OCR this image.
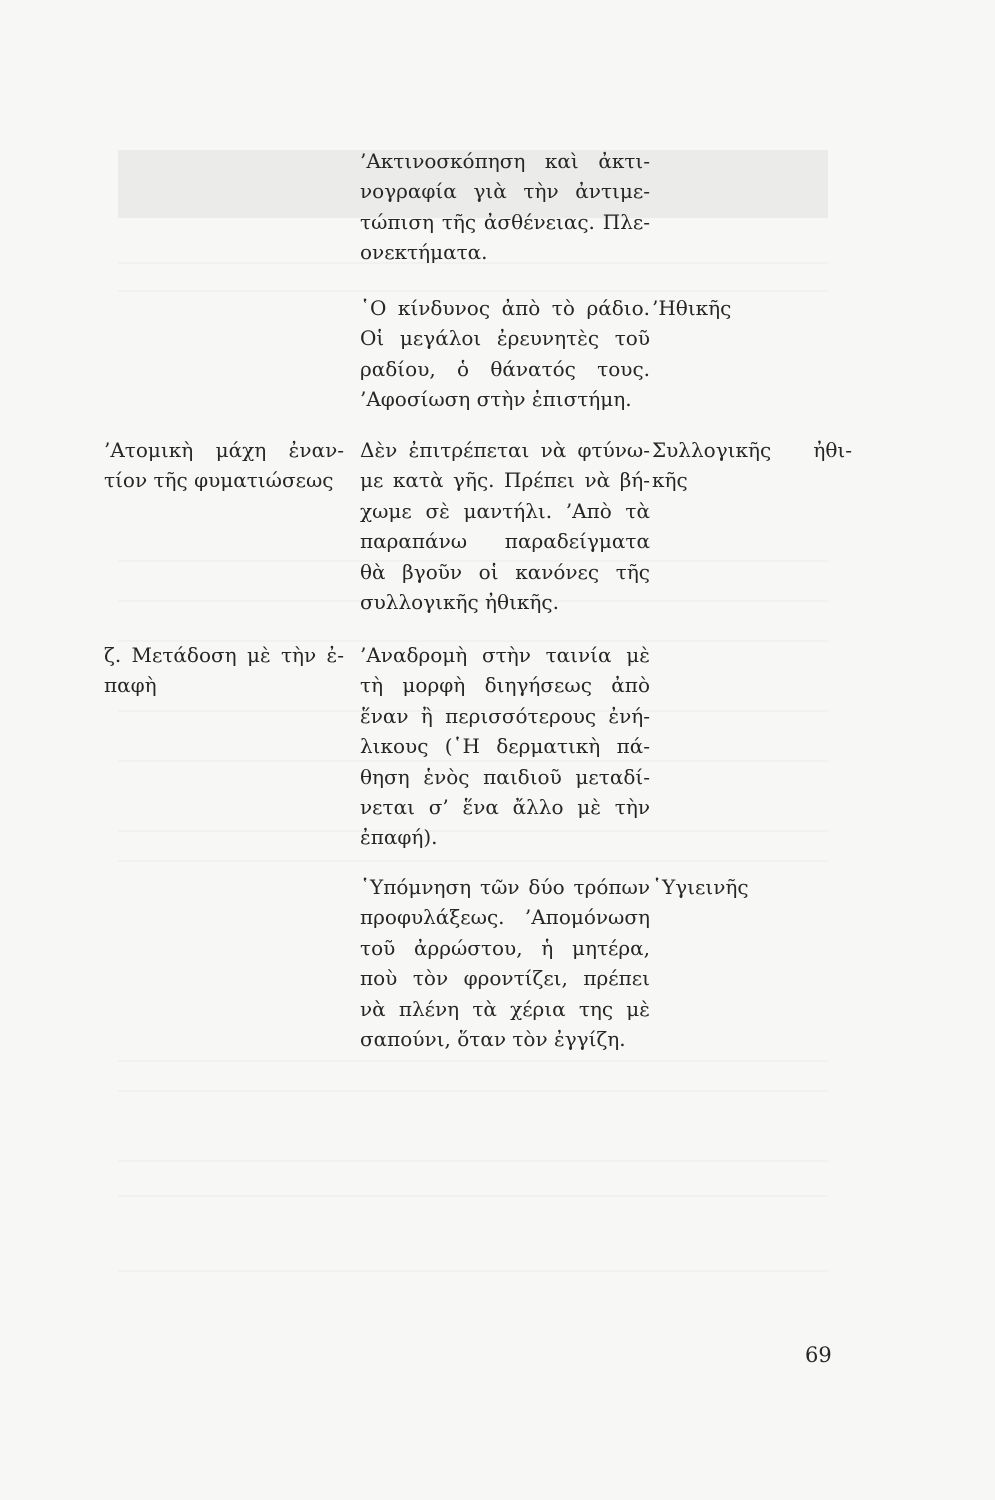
’Ακτινοσκόπηση καὶ ἀκτι-
νογραφία γιὰ τὴν ἀντιμε-
τώπιση τῆς ἀσθένειας. Πλε-
ονεκτήματα.

῾Ο κίνδυνος ἀπὸ τὸ ράδιο.
Οἱ μεγάλοι ἐρευνητὲς τοῦ
ραδίου, ὁ θάνατός τους.
’Αφοσίωση στὴν ἐπιστήμη.

’Ηθικῆς

’Ατομικὴ μάχη ἐναν-
τίον τῆς φυματιώσεως

Δὲν ἐπιτρέπεται νὰ φτύνω-
με κατὰ γῆς. Πρέπει νὰ βή-
χωμε σὲ μαντήλι. ’Απὸ τὰ
παραπάνω παραδείγματα
θὰ βγοῦν οἱ κανόνες τῆς
συλλογικῆς ἠθικῆς.

Συλλογικῆς ἠθι-
κῆς

ζ. Μετάδοση μὲ τὴν ἐ-
παφὴ

’Αναδρομὴ στὴν ταινία μὲ
τὴ μορφὴ διηγήσεως ἀπὸ
ἕναν ἢ περισσότερους ἐνή-
λικους (῾Η δερματικὴ πά-
θηση ἑνὸς παιδιοῦ μεταδί-
νεται σ’ ἕνα ἄλλο μὲ τὴν
ἐπαφή).

῾Υπόμνηση τῶν δύο τρόπων
προφυλάξεως. ’Απομόνωση
τοῦ ἀρρώστου, ἡ μητέρα,
ποὺ τὸν φροντίζει, πρέπει
νὰ πλένη τὰ χέρια της μὲ
σαπούνι, ὅταν τὸν ἐγγίζη.

῾Υγιεινῆς
69
